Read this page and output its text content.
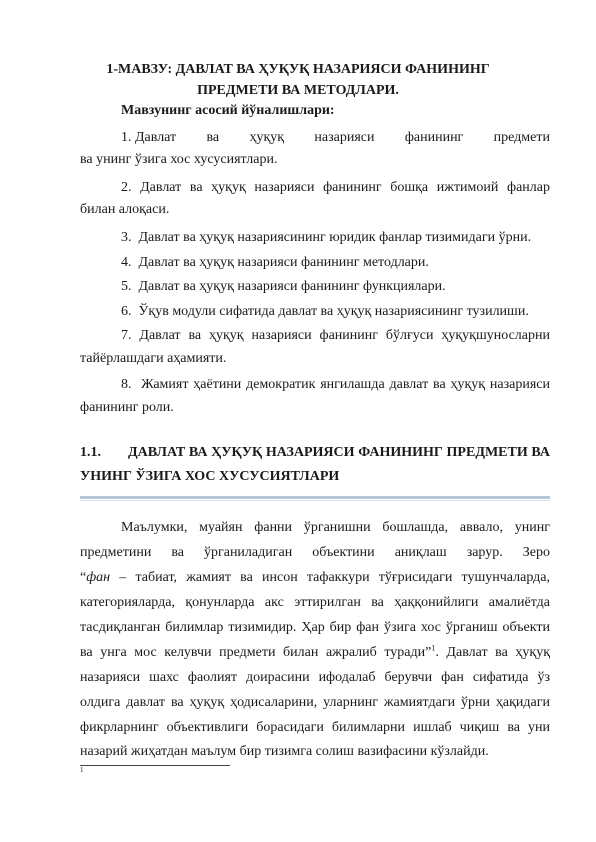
1-МАВЗУ: ДАВЛАТ ВА ҲУҚУҚ НАЗАРИЯСИ ФАНИНИНГ
ПРЕДМЕТИ ВА МЕТОДЛАРИ.
Мавзунинг асосий йўналишлари:
1. Давлат ва ҳуқуқ назарияси фанининг предмети
ва унинг ўзига хос хусусиятлари.
2. Давлат ва ҳуқуқ назарияси фанининг бошқа ижтимоий фанлар
билан алоқаси.
3.  Давлат ва ҳуқуқ назариясининг юридик фанлар тизимидаги ўрни.
4.  Давлат ва ҳуқуқ назарияси фанининг методлари.
5.  Давлат ва ҳуқуқ назарияси фанининг функциялари.
6.  Ўқув модули сифатида давлат ва ҳуқуқ назариясининг тузилиши.
7. Давлат ва ҳуқуқ назарияси фанининг бўлғуси ҳуқуқшуносларни
тайёрлашдаги аҳамияти.
8.  Жамият ҳаётини демократик янгилашда давлат ва ҳуқуқ назарияси
фанининг роли.
1.1. ДАВЛАТ ВА ҲУҚУҚ НАЗАРИЯСИ ФАНИНИНГ ПРЕДМЕТИ ВА
УНИНГ ЎЗИГА ХОС ХУСУСИЯТЛАРИ
Маълумки, муайян фанни ўрганишни бошлашда, аввало, унинг
предметини ва ўрганиладиган объектини аниқлаш зарур. Зеро
“фан – табиат, жамият ва инсон тафаккури тўғрисидаги тушунчаларда,
категорияларда, қонунларда акс эттирилган ва ҳаққонийлиги амалиётда
тасдиқланган билимлар тизимидир. Ҳар бир фан ўзига хос ўрганиш объекти
ва унга мос келувчи предмети билан ажралиб туради”$^1$. Давлат ва ҳуқуқ
назарияси шахс фаолият доирасини ифодалаб берувчи фан сифатида ўз
олдига давлат ва ҳуқуқ ҳодисаларини, уларнинг жамиятдаги ўрни ҳақидаги
фикрларнинг объективлиги борасидаги билимларни ишлаб чиқиш ва уни
назарий жиҳатдан маълум бир тизимга солиш вазифасини кўзлайди.
1
